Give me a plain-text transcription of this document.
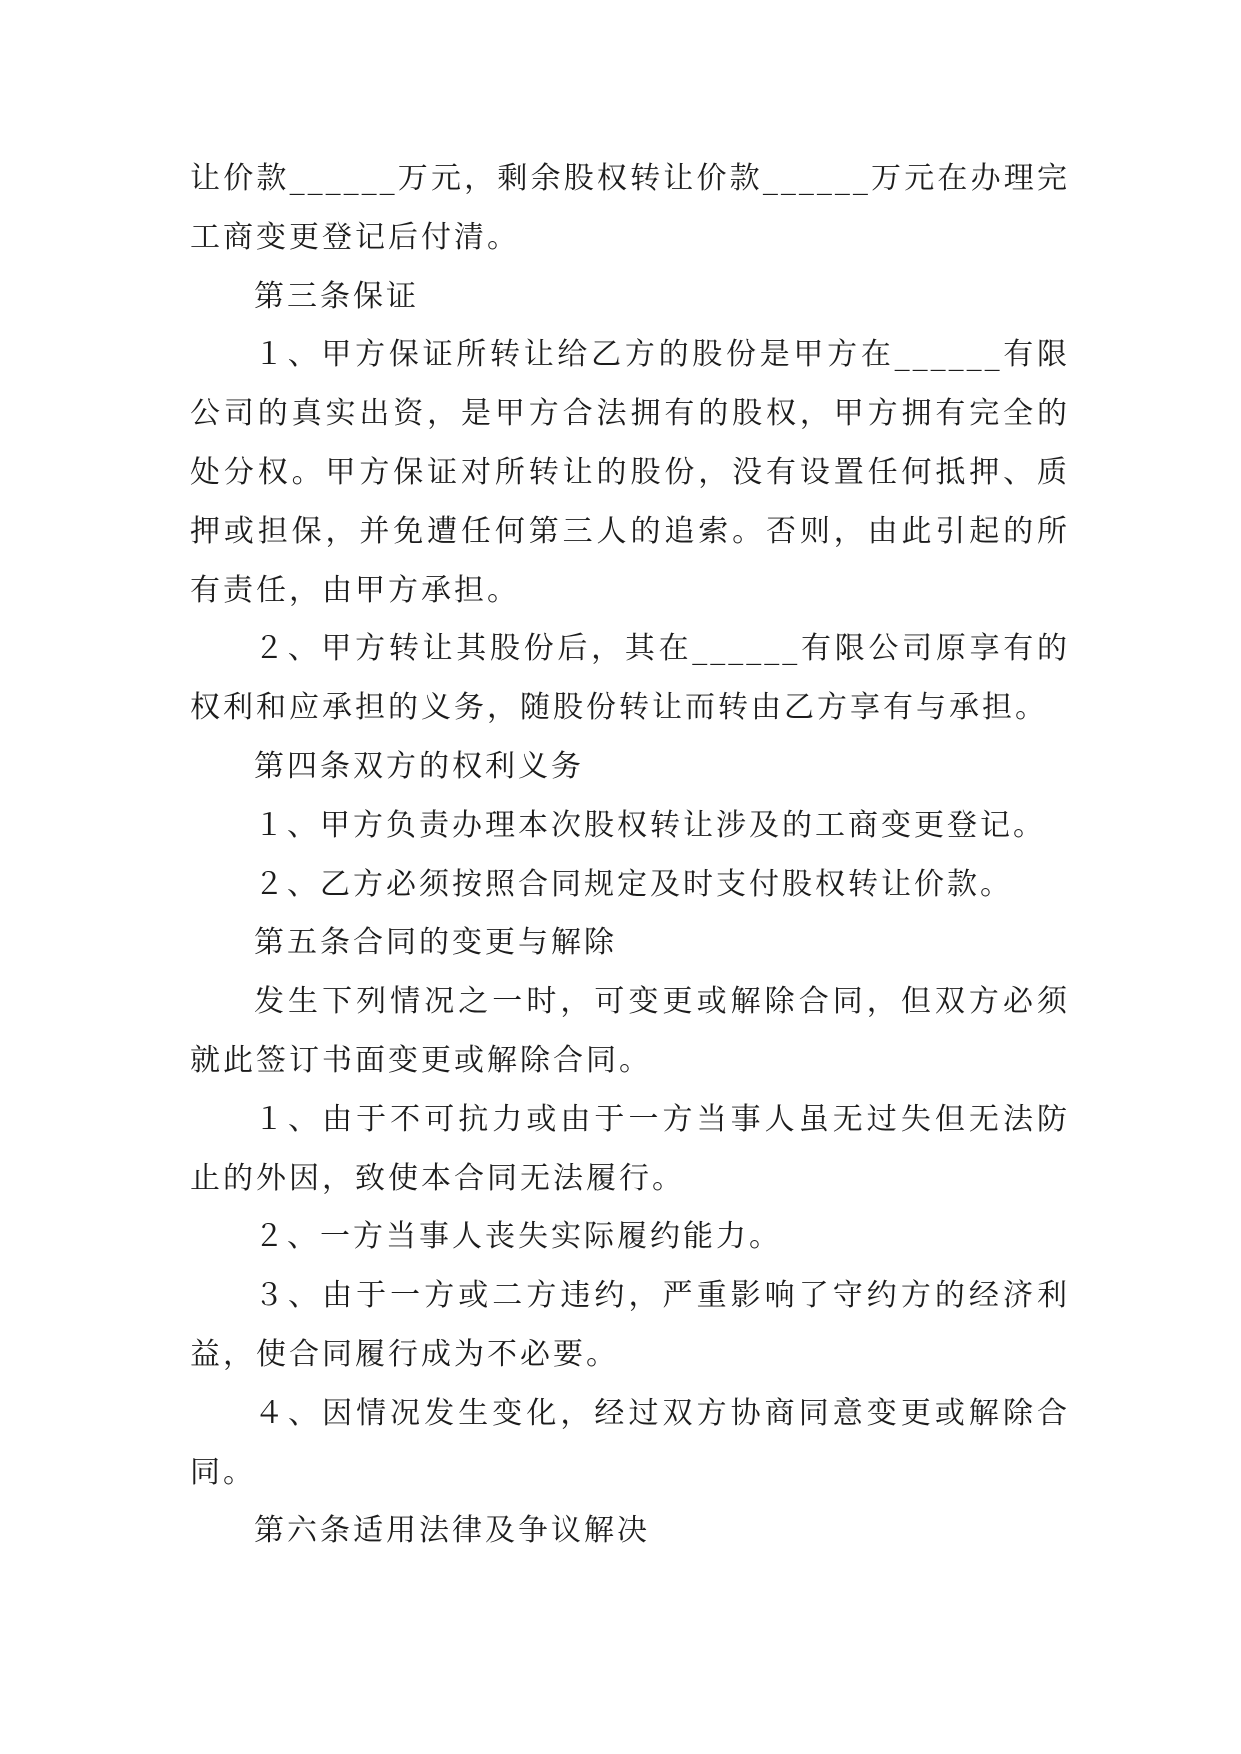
让价款______万元，剩余股权转让价款______万元在办理完工商变更登记后付清。

第三条保证

１、甲方保证所转让给乙方的股份是甲方在______有限公司的真实出资，是甲方合法拥有的股权，甲方拥有完全的处分权。甲方保证对所转让的股份，没有设置任何抵押、质押或担保，并免遭任何第三人的追索。否则，由此引起的所有责任，由甲方承担。

２、甲方转让其股份后，其在______有限公司原享有的权利和应承担的义务，随股份转让而转由乙方享有与承担。

第四条双方的权利义务

１、甲方负责办理本次股权转让涉及的工商变更登记。

２、乙方必须按照合同规定及时支付股权转让价款。

第五条合同的变更与解除

发生下列情况之一时，可变更或解除合同，但双方必须就此签订书面变更或解除合同。

１、由于不可抗力或由于一方当事人虽无过失但无法防止的外因，致使本合同无法履行。

２、一方当事人丧失实际履约能力。

３、由于一方或二方违约，严重影响了守约方的经济利益，使合同履行成为不必要。

４、因情况发生变化，经过双方协商同意变更或解除合同。

第六条适用法律及争议解决
